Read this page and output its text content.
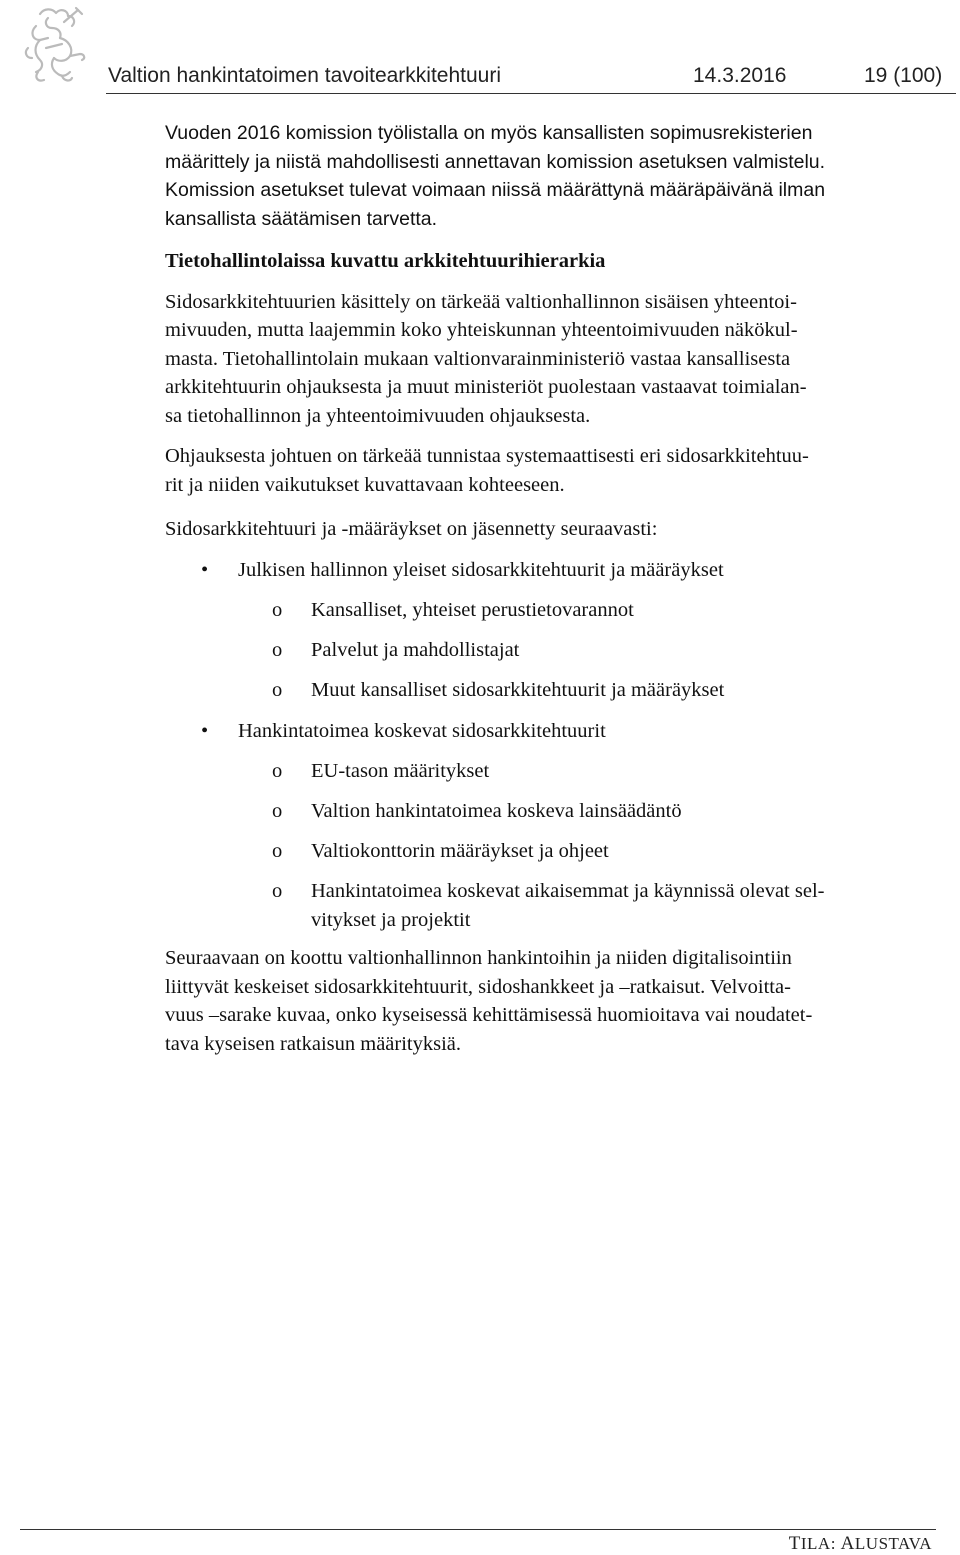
Valtion hankintatoimen tavoitearkkitehtuuri	14.3.2016	19 (100)

Vuoden 2016 komission työlistalla on myös kansallisten sopimusrekisterien
määrittely ja niistä mahdollisesti annettavan komission asetuksen valmistelu.
Komission asetukset tulevat voimaan niissä määrättynä määräpäivänä ilman
kansallista säätämisen tarvetta.

Tietohallintolaissa kuvattu arkkitehtuurihierarkia

Sidosarkkitehtuurien käsittely on tärkeää valtionhallinnon sisäisen yhteentoi-
mivuuden, mutta laajemmin koko yhteiskunnan yhteentoimivuuden näkökul-
masta. Tietohallintolain mukaan valtionvarainministeriö vastaa kansallisesta
arkkitehtuurin ohjauksesta ja muut ministeriöt puolestaan vastaavat toimialan-
sa tietohallinnon ja yhteentoimivuuden ohjauksesta.

Ohjauksesta johtuen on tärkeää tunnistaa systemaattisesti eri sidosarkkitehtuu-
rit ja niiden vaikutukset kuvattavaan kohteeseen.

Sidosarkkitehtuuri ja -määräykset on jäsennetty seuraavasti:

• Julkisen hallinnon yleiset sidosarkkitehtuurit ja määräykset
o Kansalliset, yhteiset perustietovarannot
o Palvelut ja mahdollistajat
o Muut kansalliset sidosarkkitehtuurit ja määräykset
• Hankintatoimea koskevat sidosarkkitehtuurit
o EU-tason määritykset
o Valtion hankintatoimea koskeva lainsäädäntö
o Valtiokonttorin määräykset ja ohjeet
o Hankintatoimea koskevat aikaisemmat ja käynnissä olevat sel-
vitykset ja projektit

Seuraavaan on koottu valtionhallinnon hankintoihin ja niiden digitalisointiin
liittyvät keskeiset sidosarkkitehtuurit, sidoshankkeet ja –ratkaisut. Velvoitta-
vuus –sarake kuvaa, onko kyseisessä kehittämisessä huomioitava vai noudatet-
tava kyseisen ratkaisun määrityksiä.

TILA: ALUSTAVA
